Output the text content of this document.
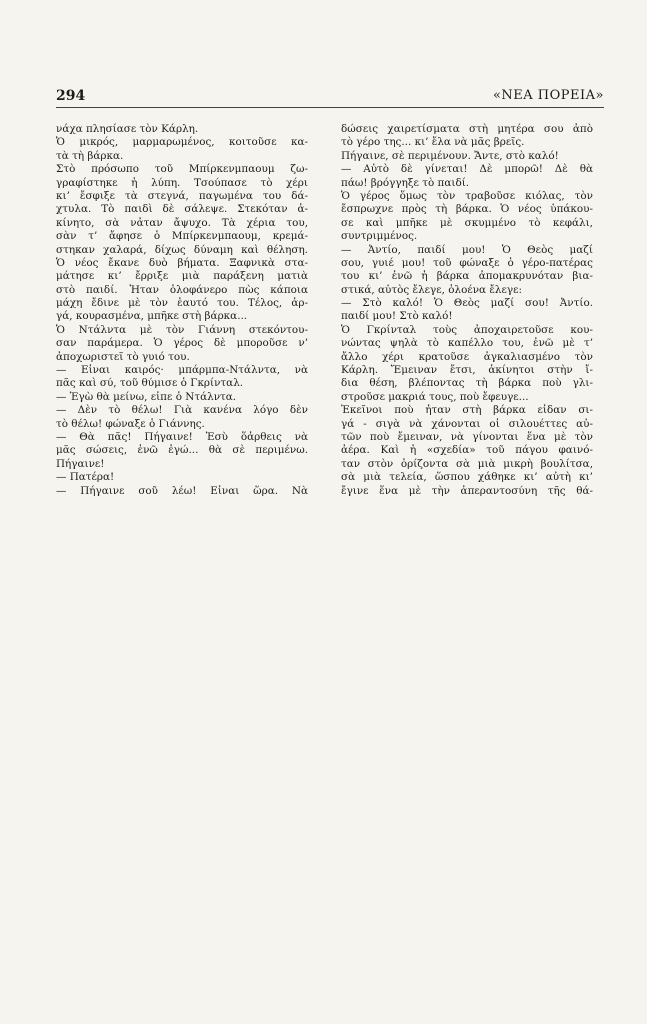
294	«ΝΕΑ ΠΟΡΕΙΑ»
νάχα πλησίασε τὸν Κάρλη.
Ὁ μικρός, μαρμαρωμένος, κοιτοῦσε κα-
τὰ τὴ βάρκα.
Στὸ πρόσωπο τοῦ Μπίρκενμπαουμ ζω-
γραφίστηκε ἡ λύπη. Τσούπασε τὸ χέρι
κι’ ἔσφιξε τὰ στεγνά, παγωμένα του δά-
χτυλα. Τὸ παιδὶ δὲ σάλεψε. Στεκόταν ἀ-
κίνητο, σὰ νἆταν ἄψυχο. Τὰ χέρια του,
σὰν τ’ ἄφησε ὁ Μπίρκενμπαουμ, κρεμά-
στηκαν χαλαρά, δίχως δύναμη καὶ θέληση.
Ὁ νέος ἔκανε δυὸ βήματα. Ξαφνικὰ στα-
μάτησε κι’ ἔρριξε μιὰ παράξενη ματιὰ
στὸ παιδί. Ἦταν ὁλοφάνερο πὼς κάποια
μάχη ἔδινε μὲ τὸν ἑαυτό του. Τέλος, ἀρ-
γά, κουρασμένα, μπῆκε στὴ βάρκα...
Ὁ Ντάλντα μὲ τὸν Γιάννη στεκόντου-
σαν παράμερα. Ὁ γέρος δὲ μποροῦσε ν’
ἀποχωριστεῖ τὸ γυιό του.
— Εἶναι καιρός· μπάρμπα-Ντάλντα, νὰ
πᾶς καὶ σύ, τοῦ θύμισε ὁ Γκρίνταλ.
— Ἐγὼ θὰ μείνω, εἶπε ὁ Ντάλντα.
— Δὲν τὸ θέλω! Γιὰ κανένα λόγο δὲν
τὸ θέλω! φώναξε ὁ Γιάννης.
— Θὰ πᾶς! Πήγαινε! Ἐσὺ ὅἆρθεις νὰ
μᾶς σώσεις, ἐνῶ ἐγώ... θὰ σὲ περιμένω.
Πήγαινε!
— Πατέρα!
— Πήγαινε σοῦ λέω! Εἶναι ὥρα. Νὰ
δώσεις χαιρετίσματα στὴ μητέρα σου ἀπὸ
τὸ γέρο της... κι’ ἔλα νὰ μᾶς βρεῖς.
Πήγαινε, σὲ περιμένουν. Ἄντε, στὸ καλό!
— Αὐτὸ δὲ γίνεται! Δὲ μπορῶ! Δὲ θὰ
πάω! βρόγγηξε τὸ παιδί.
Ὁ γέρος ὅμως τὸν τραβοῦσε κιόλας, τὸν
ἔσπρωχνε πρὸς τὴ βάρκα. Ὁ νέος ὑπάκου-
σε καὶ μπῆκε μὲ σκυμμένο τὸ κεφάλι,
συντριμμένος.
— Ἀντίο, παιδί μου! Ὁ Θεὸς μαζί
σου, γυιέ μου! τοῦ φώναξε ὁ γέρο-πατέρας
του κι’ ἐνῶ ἡ βάρκα ἀπομακρυνόταν βια-
στικά, αὐτὸς ἔλεγε, ὁλοένα ἔλεγε:
— Στὸ καλό! Ὁ Θεὸς μαζί σου! Ἀντίο.
παιδί μου! Στὸ καλό!
Ὁ Γκρίνταλ τοὺς ἀποχαιρετοῦσε κου-
νώντας ψηλὰ τὸ καπέλλο του, ἐνῶ μὲ τ’
ἄλλο χέρι κρατοῦσε ἀγκαλιασμένο τὸν
Κάρλη. Ἔμειναν ἔτσι, ἀκίνητοι στὴν ἴ-
δια θέση, βλέποντας τὴ βάρκα ποὺ γλι-
στροῦσε μακριά τους, ποὺ ἔφευγε...
Ἐκεῖνοι ποὺ ἦταν στὴ βάρκα εἶδαν σι-
γά - σιγὰ νὰ χάνονται οἱ σιλουέττες αὐ-
τῶν ποὺ ἔμειναν, νὰ γίνονται ἕνα μὲ τὸν
ἀέρα. Καὶ ἡ «σχεδία» τοῦ πάγου φαινό-
ταν στὸν ὁρίζοντα σὰ μιὰ μικρὴ βουλίτσα,
σὰ μιὰ τελεία, ὥσπου χάθηκε κι’ αὐτὴ κι’
ἔγινε ἕνα μὲ τὴν ἀπεραντοσύνη τῆς θά-
